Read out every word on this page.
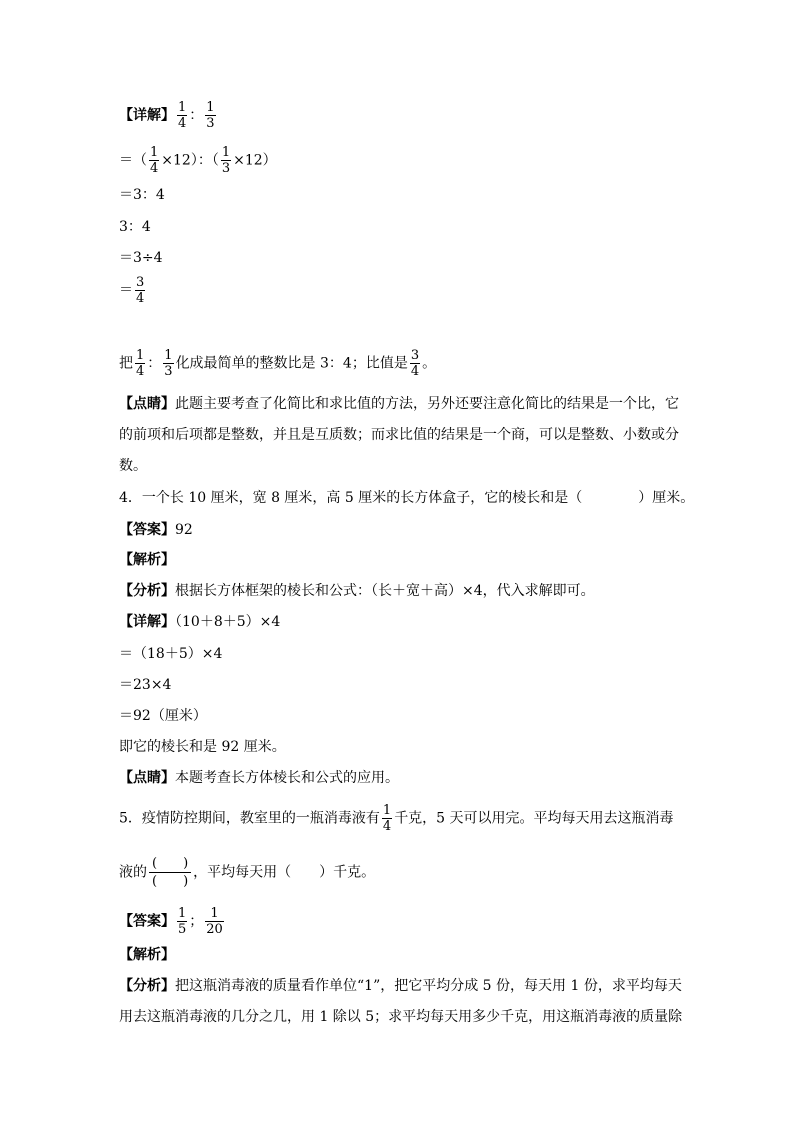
【详解】 $\frac{1}{4}$ ： $\frac{1}{3}$
＝（ $\frac{1}{4} \times 12$）：（ $\frac{1}{3} \times 12$）
＝3：4
3：4
＝3÷4
＝ $\frac{3}{4}$
把 $\frac{1}{4}$ ： $\frac{1}{3}$ 化成最简单的整数比是 3：4；比值是 $\frac{3}{4}$ 。
【点睛】此题主要考查了化简比和求比值的方法，另外还要注意化简比的结果是一个比，它
的前项和后项都是整数，并且是互质数；而求比值的结果是一个商，可以是整数、小数或分
数。
4．一个长 10 厘米，宽 8 厘米，高 5 厘米的长方体盒子，它的棱长和是（　　　　）厘米。
【答案】92
【解析】
【分析】根据长方体框架的棱长和公式：（长＋宽＋高）×4，代入求解即可。
【详解】（10＋8＋5）×4
＝（18＋5）×4
＝23×4
＝92（厘米）
即它的棱长和是 92 厘米。
【点睛】本题考查长方体棱长和公式的应用。
5．疫情防控期间，教室里的一瓶消毒液有 $\frac{1}{4}$ 千克，5 天可以用完。平均每天用去这瓶消毒
液的 $\frac{( )}{( )}$ ，平均每天用（　　）千克。
【答案】 $\frac{1}{5}$ ； $\frac{1}{20}$
【解析】
【分析】把这瓶消毒液的质量看作单位“1”，把它平均分成 5 份，每天用 1 份，求平均每天
用去这瓶消毒液的几分之几，用 1 除以 5；求平均每天用多少千克，用这瓶消毒液的质量除
